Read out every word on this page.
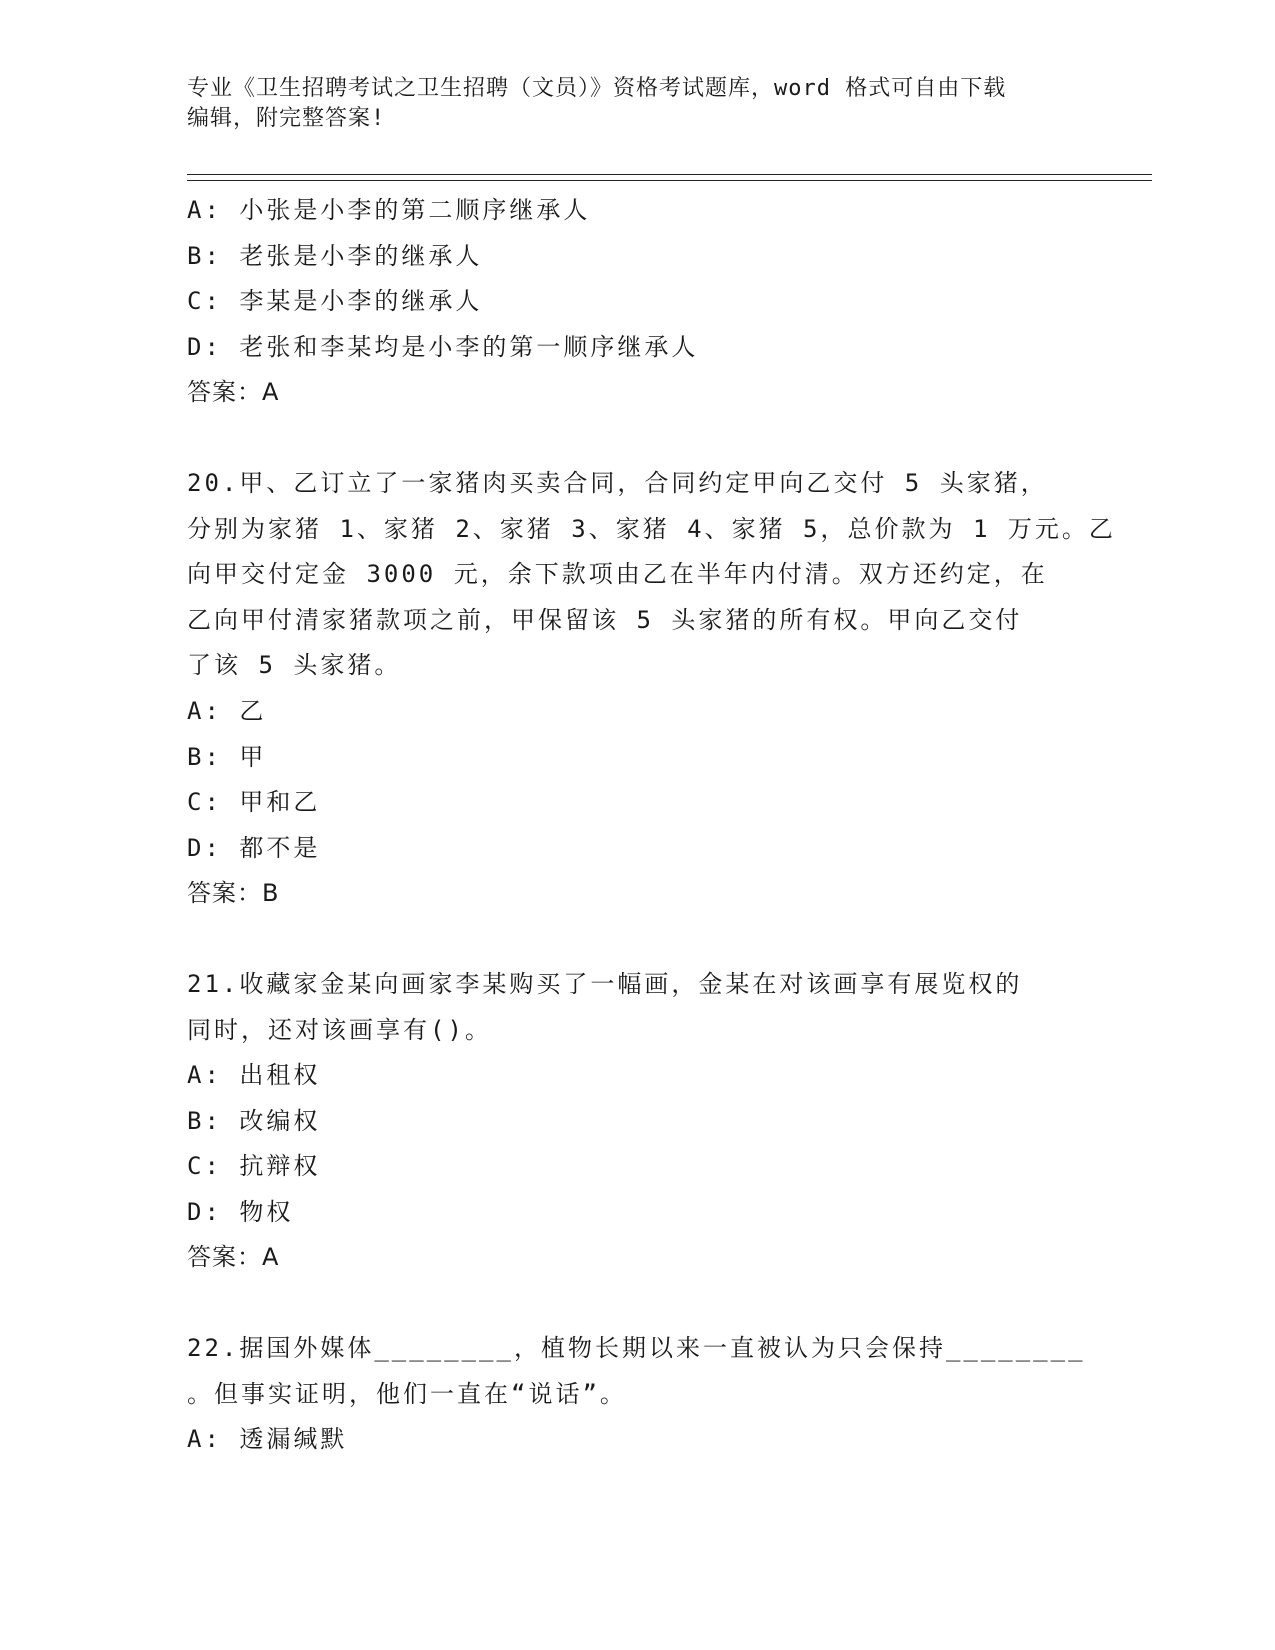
专业《卫生招聘考试之卫生招聘（文员）》资格考试题库，word 格式可自由下载
编辑，附完整答案!
A: 小张是小李的第二顺序继承人
B: 老张是小李的继承人
C: 李某是小李的继承人
D: 老张和李某均是小李的第一顺序继承人
答案：A
20.甲、乙订立了一家猪肉买卖合同，合同约定甲向乙交付 5 头家猪，
分别为家猪 1、家猪 2、家猪 3、家猪 4、家猪 5，总价款为 1 万元。乙
向甲交付定金 3000 元，余下款项由乙在半年内付清。双方还约定，在
乙向甲付清家猪款项之前，甲保留该 5 头家猪的所有权。甲向乙交付
了该 5 头家猪。
A: 乙
B: 甲
C: 甲和乙
D: 都不是
答案：B
21.收藏家金某向画家李某购买了一幅画，金某在对该画享有展览权的
同时，还对该画享有()。
A: 出租权
B: 改编权
C: 抗辩权
D: 物权
答案：A
22.据国外媒体________，植物长期以来一直被认为只会保持________
。但事实证明，他们一直在“说话”。
A: 透漏缄默
